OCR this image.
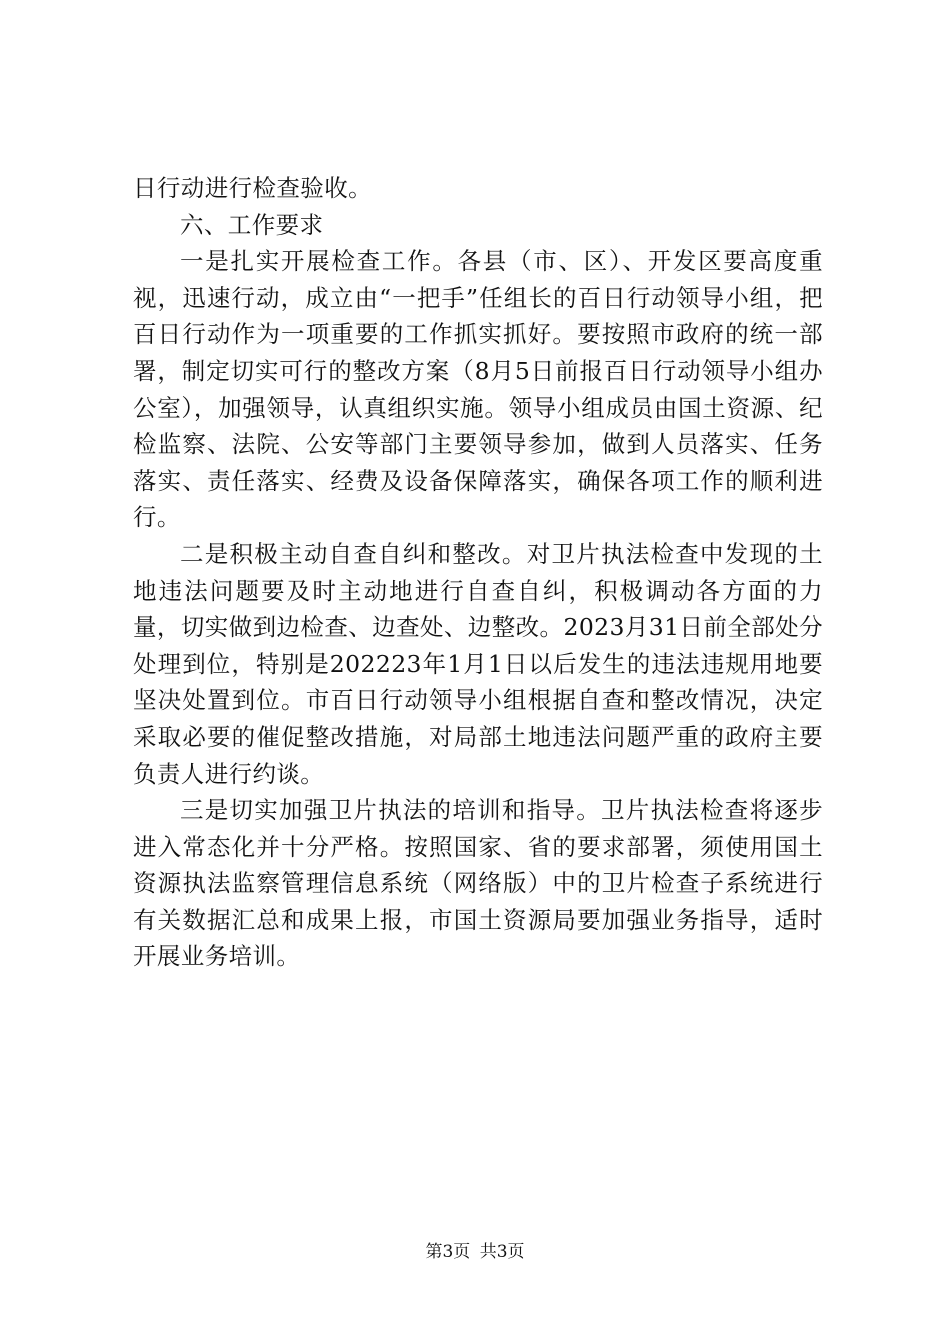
日行动进行检查验收。

六、工作要求

一是扎实开展检查工作。各县（市、区）、开发区要高度重视，迅速行动，成立由“一把手”任组长的百日行动领导小组，把百日行动作为一项重要的工作抓实抓好。要按照市政府的统一部署，制定切实可行的整改方案（8月5日前报百日行动领导小组办公室），加强领导，认真组织实施。领导小组成员由国土资源、纪检监察、法院、公安等部门主要领导参加，做到人员落实、任务落实、责任落实、经费及设备保障落实，确保各项工作的顺利进行。

二是积极主动自查自纠和整改。对卫片执法检查中发现的土地违法问题要及时主动地进行自查自纠，积极调动各方面的力量，切实做到边检查、边查处、边整改。2023月31日前全部处分处理到位，特别是202223年1月1日以后发生的违法违规用地要坚决处置到位。市百日行动领导小组根据自查和整改情况，决定采取必要的催促整改措施，对局部土地违法问题严重的政府主要负责人进行约谈。

三是切实加强卫片执法的培训和指导。卫片执法检查将逐步进入常态化并十分严格。按照国家、省的要求部署，须使用国土资源执法监察管理信息系统（网络版）中的卫片检查子系统进行有关数据汇总和成果上报，市国土资源局要加强业务指导，适时开展业务培训。

第3页 共3页
